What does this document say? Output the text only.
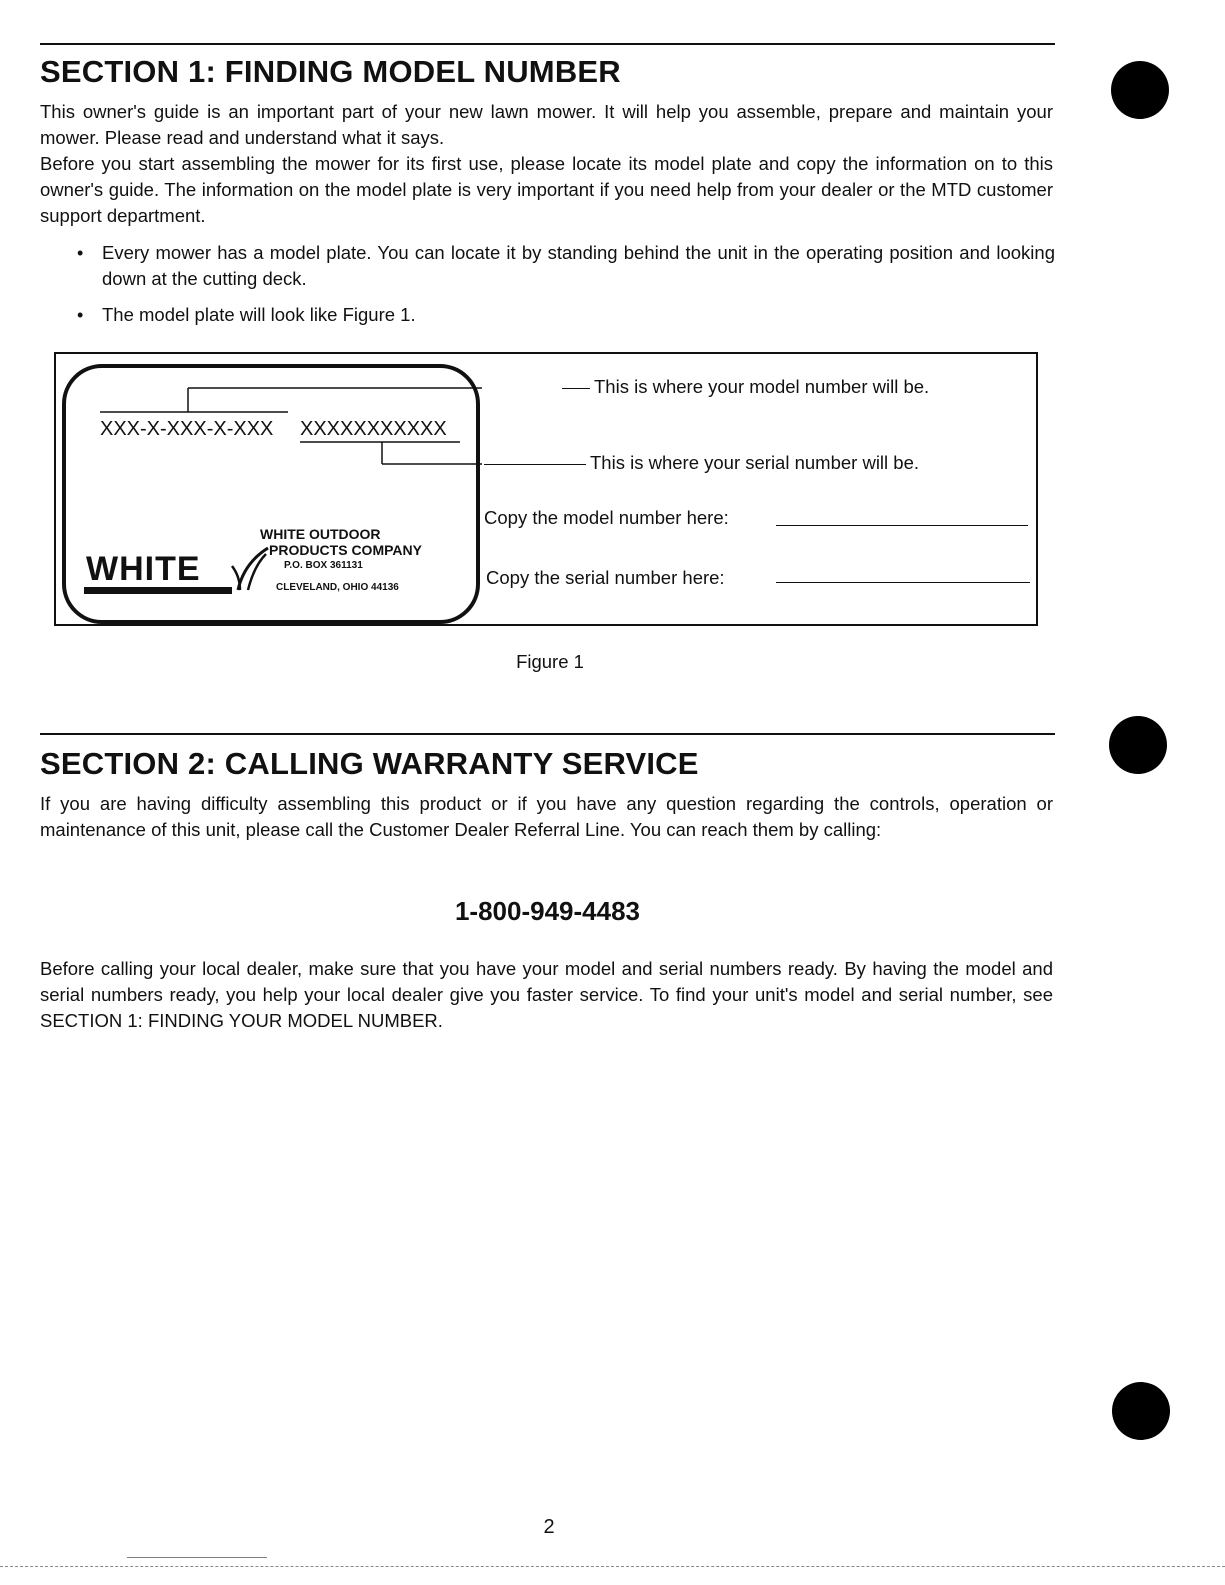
SECTION 1: FINDING MODEL NUMBER

This owner's guide is an important part of your new lawn mower. It will help you assemble, prepare and maintain your mower. Please read and understand what it says.

Before you start assembling the mower for its first use, please locate its model plate and copy the information on to this owner's guide. The information on the model plate is very important if you need help from your dealer or the MTD customer support department.

• Every mower has a model plate. You can locate it by standing behind the unit in the operating position and looking down at the cutting deck.
• The model plate will look like Figure 1.
XXX-X-XXX-X-XXX XXXXXXXXXXX
WHITE OUTDOOR
PRODUCTS COMPANY
P.O. BOX 361131
CLEVELAND, OHIO 44136
WHITE
This is where your model number will be.
This is where your serial number will be.
Copy the model number here:
Copy the serial number here:
Figure 1
SECTION 2: CALLING WARRANTY SERVICE

If you are having difficulty assembling this product or if you have any question regarding the controls, operation or maintenance of this unit, please call the Customer Dealer Referral Line. You can reach them by calling:

1-800-949-4483

Before calling your local dealer, make sure that you have your model and serial numbers ready. By having the model and serial numbers ready, you help your local dealer give you faster service. To find your unit's model and serial number, see SECTION 1: FINDING YOUR MODEL NUMBER.

2
